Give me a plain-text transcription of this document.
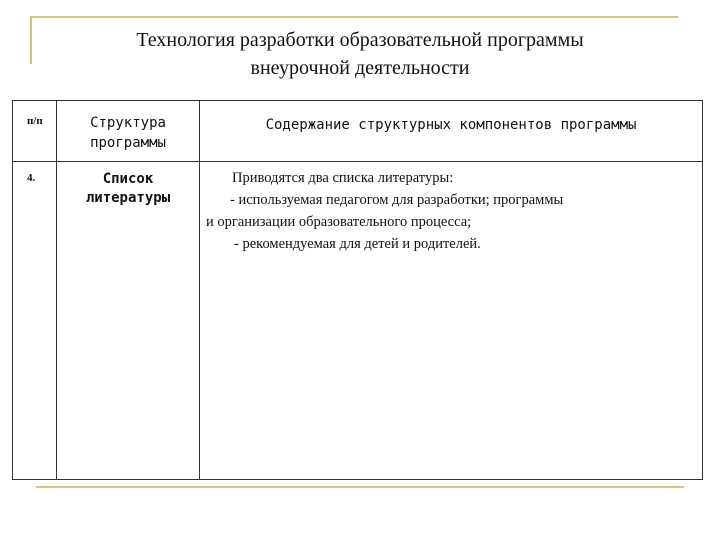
Технология разработки образовательной программы
внеурочной деятельности
п/п	Структура программы	Содержание структурных компонентов программы

4.	Список литературы	Приводятся два списка литературы:
- используемая педагогом для разработки; программы
и организации образовательного процесса;
- рекомендуемая для детей и родителей.
